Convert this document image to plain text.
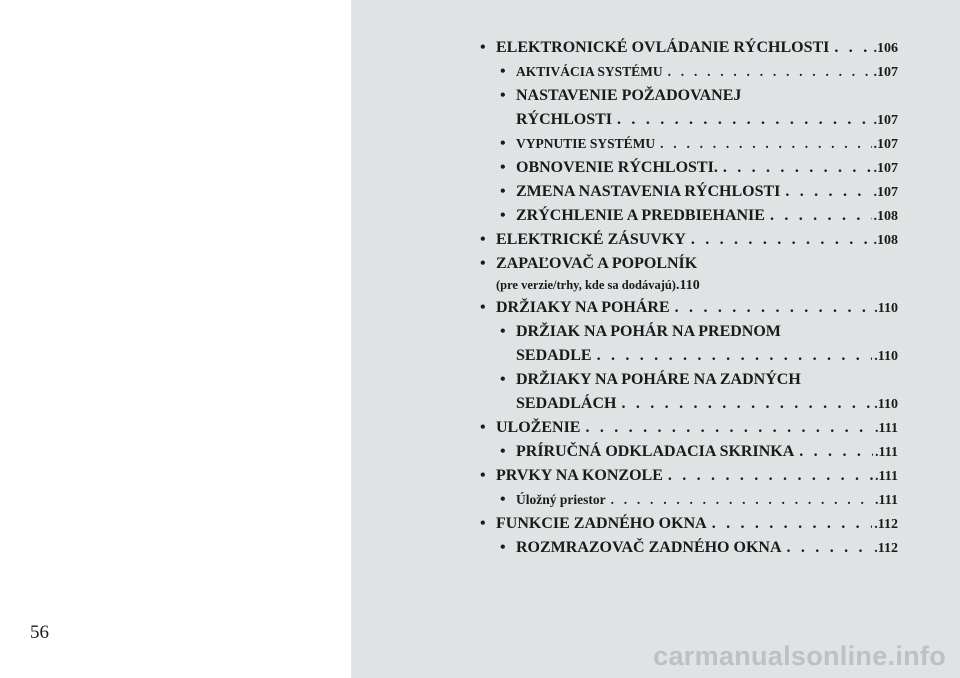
56
• ELEKTRONICKÉ OVLÁDANIE RÝCHLOSTI . . .	.106
• AKTIVÁCIA SYSTÉMU . . .	.107
• NASTAVENIE POŽADOVANEJ
RÝCHLOSTI . . .	.107
• VYPNUTIE SYSTÉMU . . .	.107
• OBNOVENIE RÝCHLOSTI. . . .	.107
• ZMENA NASTAVENIA RÝCHLOSTI . . .	.107
• ZRÝCHLENIE A PREDBIEHANIE . . .	.108
• ELEKTRICKÉ ZÁSUVKY . . .	.108
• ZAPAĽOVAČ A POPOLNÍK
(pre verzie/trhy, kde sa dodávajú) .110
• DRŽIAKY NA POHÁRE . . .	.110
• DRŽIAK NA POHÁR NA PREDNOM
SEDADLE . . .	.110
• DRŽIAKY NA POHÁRE NA ZADNÝCH
SEDADLÁCH . . .	.110
• ULOŽENIE . . .	.111
• PRÍRUČNÁ ODKLADACIA SKRINKA . . .	.111
• PRVKY NA KONZOLE . . .	.111
• Úložný priestor . . .	.111
• FUNKCIE ZADNÉHO OKNA . . .	.112
• ROZMRAZOVAČ ZADNÉHO OKNA . . .	.112
carmanualsonline.info
